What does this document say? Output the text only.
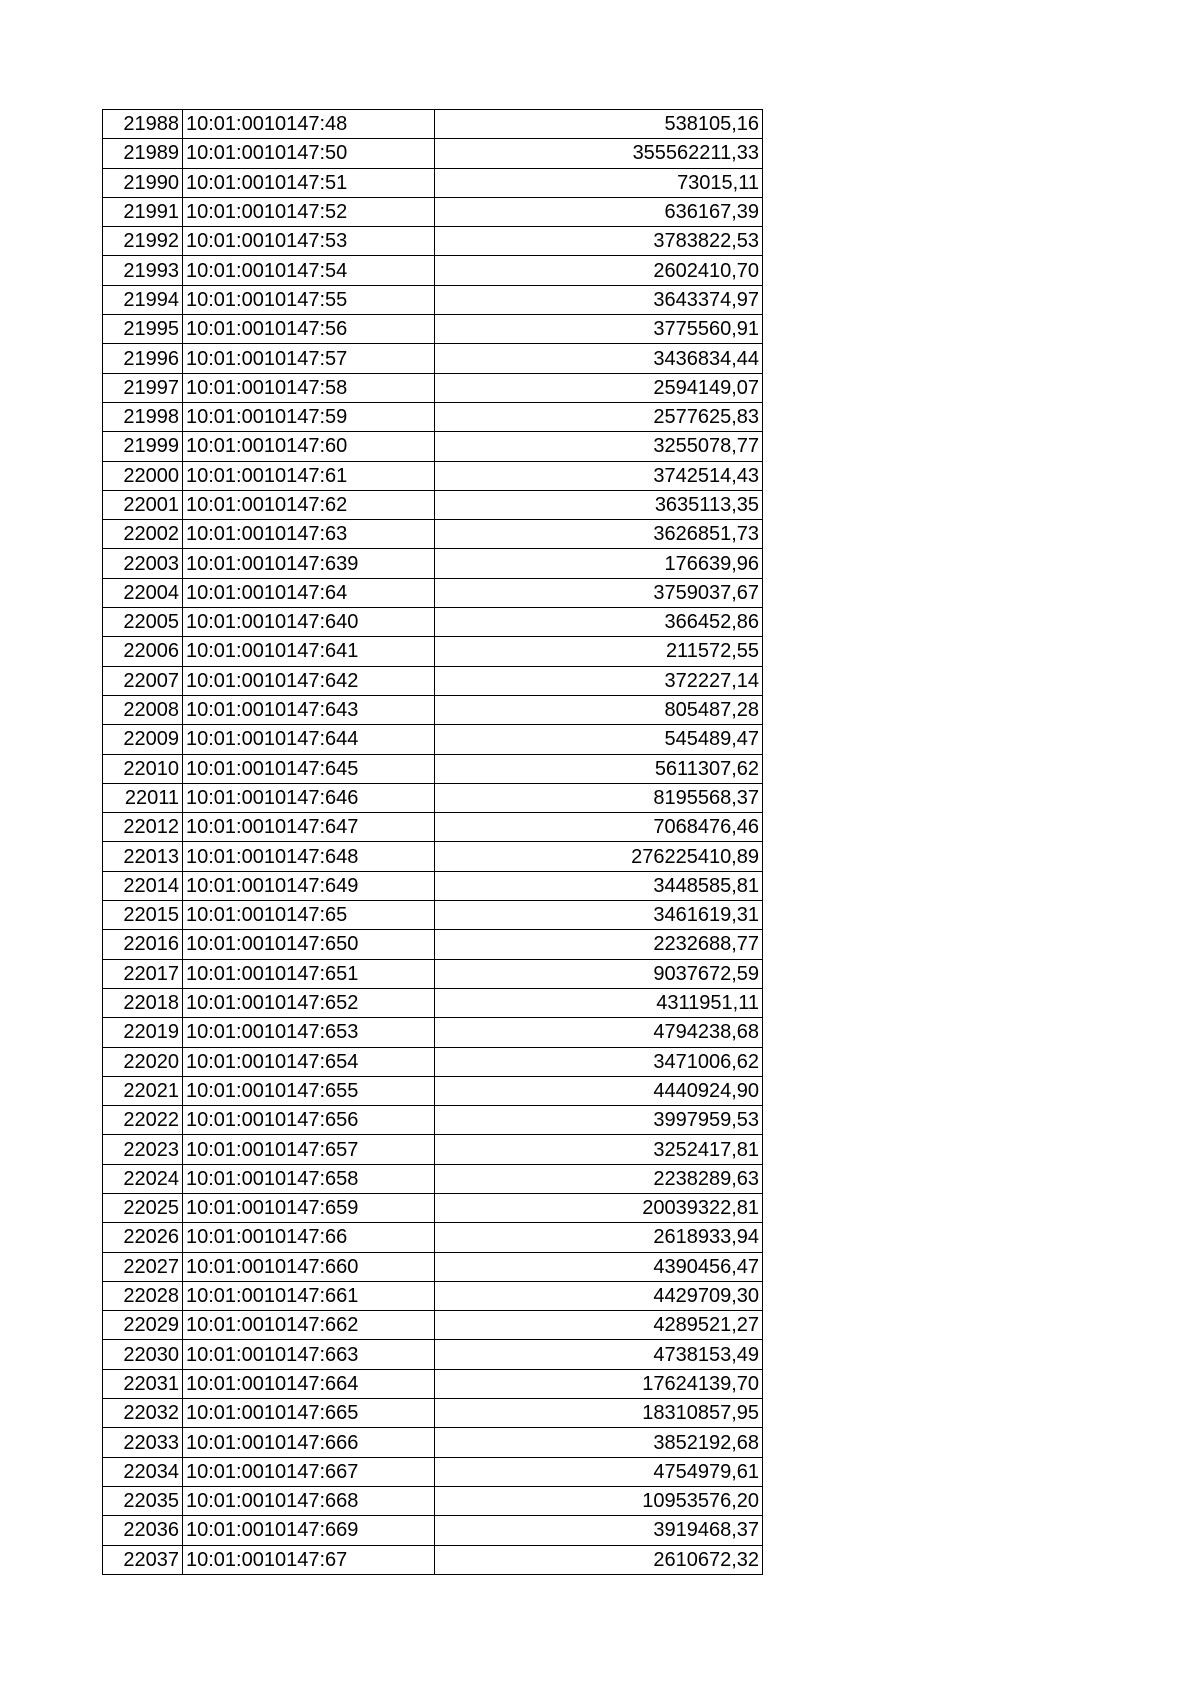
21988	10:01:0010147:48	538105,16
21989	10:01:0010147:50	355562211,33
21990	10:01:0010147:51	73015,11
21991	10:01:0010147:52	636167,39
21992	10:01:0010147:53	3783822,53
21993	10:01:0010147:54	2602410,70
21994	10:01:0010147:55	3643374,97
21995	10:01:0010147:56	3775560,91
21996	10:01:0010147:57	3436834,44
21997	10:01:0010147:58	2594149,07
21998	10:01:0010147:59	2577625,83
21999	10:01:0010147:60	3255078,77
22000	10:01:0010147:61	3742514,43
22001	10:01:0010147:62	3635113,35
22002	10:01:0010147:63	3626851,73
22003	10:01:0010147:639	176639,96
22004	10:01:0010147:64	3759037,67
22005	10:01:0010147:640	366452,86
22006	10:01:0010147:641	211572,55
22007	10:01:0010147:642	372227,14
22008	10:01:0010147:643	805487,28
22009	10:01:0010147:644	545489,47
22010	10:01:0010147:645	5611307,62
22011	10:01:0010147:646	8195568,37
22012	10:01:0010147:647	7068476,46
22013	10:01:0010147:648	276225410,89
22014	10:01:0010147:649	3448585,81
22015	10:01:0010147:65	3461619,31
22016	10:01:0010147:650	2232688,77
22017	10:01:0010147:651	9037672,59
22018	10:01:0010147:652	4311951,11
22019	10:01:0010147:653	4794238,68
22020	10:01:0010147:654	3471006,62
22021	10:01:0010147:655	4440924,90
22022	10:01:0010147:656	3997959,53
22023	10:01:0010147:657	3252417,81
22024	10:01:0010147:658	2238289,63
22025	10:01:0010147:659	20039322,81
22026	10:01:0010147:66	2618933,94
22027	10:01:0010147:660	4390456,47
22028	10:01:0010147:661	4429709,30
22029	10:01:0010147:662	4289521,27
22030	10:01:0010147:663	4738153,49
22031	10:01:0010147:664	17624139,70
22032	10:01:0010147:665	18310857,95
22033	10:01:0010147:666	3852192,68
22034	10:01:0010147:667	4754979,61
22035	10:01:0010147:668	10953576,20
22036	10:01:0010147:669	3919468,37
22037	10:01:0010147:67	2610672,32
